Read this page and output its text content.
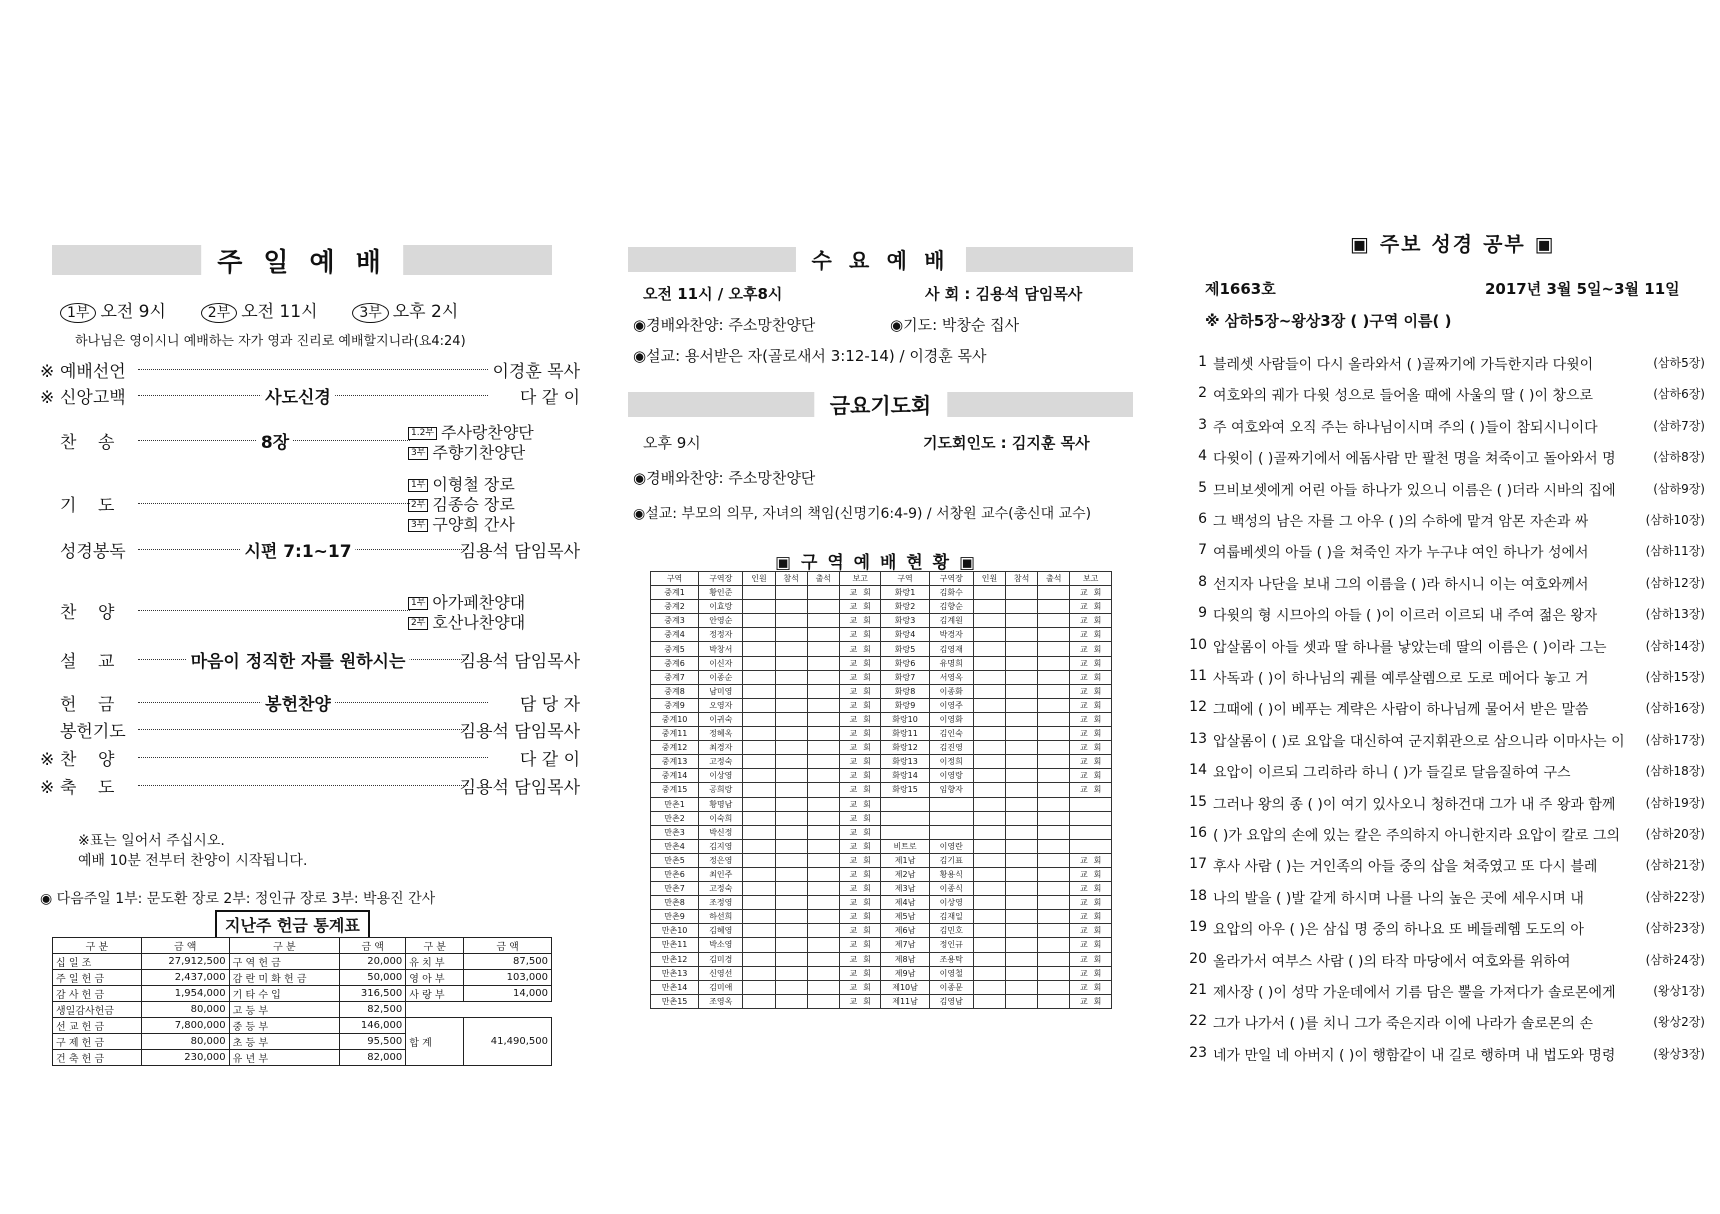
주 일 예 배
1부 오전 9시	2부 오전 11시	3부 오후 2시
하나님은 영이시니 예배하는 자가 영과 진리로 예배할지니라(요4:24)
※ 예배선언	이경훈 목사
※ 신앙고백	사도신경	다 같 이
찬    송	8장	1.2부 주사랑찬양단
3부 주향기찬양단
기    도
1부 이형철 장로
2부 김종승 장로
3부 구양희 간사
성경봉독	시편 7:1~17	김용석 담임목사
찬    양	1부 아가페찬양대
2부 호산나찬양대
설    교	마음이 정직한 자를 원하시는	김용석 담임목사
헌    금	봉헌찬양	담 당 자
봉헌기도	김용석 담임목사
※ 찬    양	다 같 이
※ 축    도	김용석 담임목사
※표는 일어서 주십시오.
예배 10분 전부터 찬양이 시작됩니다.
◉ 다음주일 1부: 문도환 장로 2부: 정인규 장로 3부: 박용진 간사
지난주 헌금 통계표
구 분	금 액	구 분	금 액	구 분	금 액
십 일 조	27,912,500	구 역 헌 금	20,000	유 치 부	87,500
주 일 헌 금	2,437,000	감 란 미 화 헌 금	50,000	영 아 부	103,000
감 사 헌 금	1,954,000	기 타 수 입	316,500	사 랑 부	14,000
생일감사헌금	80,000	고 등 부	82,500		
선 교 헌 금	7,800,000	중 등 부	146,000	합 계	41,490,500
구 제 헌 금	80,000	초 등 부	95,500		
건 축 헌 금	230,000	유 년 부	82,000		
수 요 예 배
오전 11시 / 오후8시	사 회 : 김용석 담임목사
◉경배와찬양: 주소망찬양단	◉기도: 박창순 집사
◉설교: 용서받은 자(골로새서 3:12-14) / 이경훈 목사
금요기도회
오후 9시	기도회인도 : 김지훈 목사
◉경배와찬양: 주소망찬양단
◉설교: 부모의 의무, 자녀의 책임(신명기6:4-9) / 서창원 교수(총신대 교수)
▣ 구 역 예 배 현 황 ▣
구역	구역장	인원	참석	출석	보고	구역	구역장	인원	참석	출석	보고
중계1	황인준				교 회	화랑1	김화수				교 회
중계2	이효랑				교 회	화랑2	김향순				교 회
중계3	안영순				교 회	화랑3	김계원				교 회
중계4	정정자				교 회	화랑4	박경자				교 회
중계5	박창서				교 회	화랑5	김영재				교 회
중계6	이신자				교 회	화랑6	유명희				교 회
중계7	이종순				교 회	화랑7	서영옥				교 회
중계8	남미영				교 회	화랑8	이종화				교 회
중계9	오영자				교 회	화랑9	이영주				교 회
중계10	이귀숙				교 회	화랑10	이영화				교 회
중계11	정혜옥				교 회	화랑11	김인숙				교 회
중계12	최경자				교 회	화랑12	김진영				교 회
중계13	고정숙				교 회	화랑13	이정희				교 회
중계14	이상영				교 회	화랑14	이영랑				교 회
중계15	공희랑				교 회	화랑15	임향자				교 회
만촌1	황명남				교 회						
만촌2	이숙희				교 회						
만촌3	박신정				교 회						
만촌4	김지영				교 회	비트로	이영란				
만촌5	정은영				교 회	제1남	김기표				교 회
만촌6	최인주				교 회	제2남	황용식				교 회
만촌7	고정숙				교 회	제3남	이종식				교 회
만촌8	조정영				교 회	제4남	이상영				교 회
만촌9	하선희				교 회	제5남	김재일				교 회
만촌10	김혜영				교 회	제6남	김민호				교 회
만촌11	박소영				교 회	제7남	정인규				교 회
만촌12	김미경				교 회	제8남	조용탁				교 회
만촌13	신영선				교 회	제9남	이영철				교 회
만촌14	김미애				교 회	제10남	이종문				교 회
만촌15	조영옥				교 회	제11남	김영남				교 회
▣ 주보 성경 공부 ▣
제1663호	2017년 3월 5일~3월 11일
※ 삼하5장~왕상3장 ( )구역 이름( )
1 블레셋 사람들이 다시 올라와서 ( )골짜기에 가득한지라 다윗이	(삼하5장)
2 여호와의 궤가 다윗 성으로 들어올 때에 사울의 딸 ( )이 창으로	(삼하6장)
3 주 여호와여 오직 주는 하나님이시며 주의 ( )들이 참되시니이다	(삼하7장)
4 다윗이 ( )골짜기에서 에돔사람 만 팔천 명을 쳐죽이고 돌아와서 명	(삼하8장)
5 므비보셋에게 어린 아들 하나가 있으니 이름은 ( )더라 시바의 집에	(삼하9장)
6 그 백성의 남은 자를 그 아우 ( )의 수하에 맡겨 암몬 자손과 싸	(삼하10장)
7 여룹베셋의 아들 ( )을 쳐죽인 자가 누구냐 여인 하나가 성에서	(삼하11장)
8 선지자 나단을 보내 그의 이름을 ( )라 하시니 이는 여호와께서	(삼하12장)
9 다윗의 형 시므아의 아들 ( )이 이르러 이르되 내 주여 젊은 왕자	(삼하13장)
10 압살롬이 아들 셋과 딸 하나를 낳았는데 딸의 이름은 ( )이라 그는	(삼하14장)
11 사독과 ( )이 하나님의 궤를 예루살렘으로 도로 메어다 놓고 거	(삼하15장)
12 그때에 ( )이 베푸는 계략은 사람이 하나님께 물어서 받은 말씀	(삼하16장)
13 압살롬이 ( )로 요압을 대신하여 군지휘관으로 삼으니라 이마사는 이 (삼하17장)
14 요압이 이르되 그리하라 하니 ( )가 들길로 달음질하여 구스	(삼하18장)
15 그러나 왕의 종 ( )이 여기 있사오니 청하건대 그가 내 주 왕과 함께	(삼하19장)
16 ( )가 요압의 손에 있는 칼은 주의하지 아니한지라 요압이 칼로 그의 (삼하20장)
17 후사 사람 ( )는 거인족의 아들 중의 삽을 쳐죽였고 또 다시 블레	(삼하21장)
18 나의 발을 ( )발 같게 하시며 나를 나의 높은 곳에 세우시며 내	(삼하22장)
19 요압의 아우 ( )은 삼십 명 중의 하나요 또 베들레헴 도도의 아	(삼하23장)
20 올라가서 여부스 사람 ( )의 타작 마당에서 여호와를 위하여	(삼하24장)
21 제사장 ( )이 성막 가운데에서 기름 담은 뿔을 가져다가 솔로몬에게	(왕상1장)
22 그가 나가서 ( )를 치니 그가 죽은지라 이에 나라가 솔로몬의 손	(왕상2장)
23 네가 만일 네 아버지 ( )이 행함같이 내 길로 행하며 내 법도와 명령	(왕상3장)
